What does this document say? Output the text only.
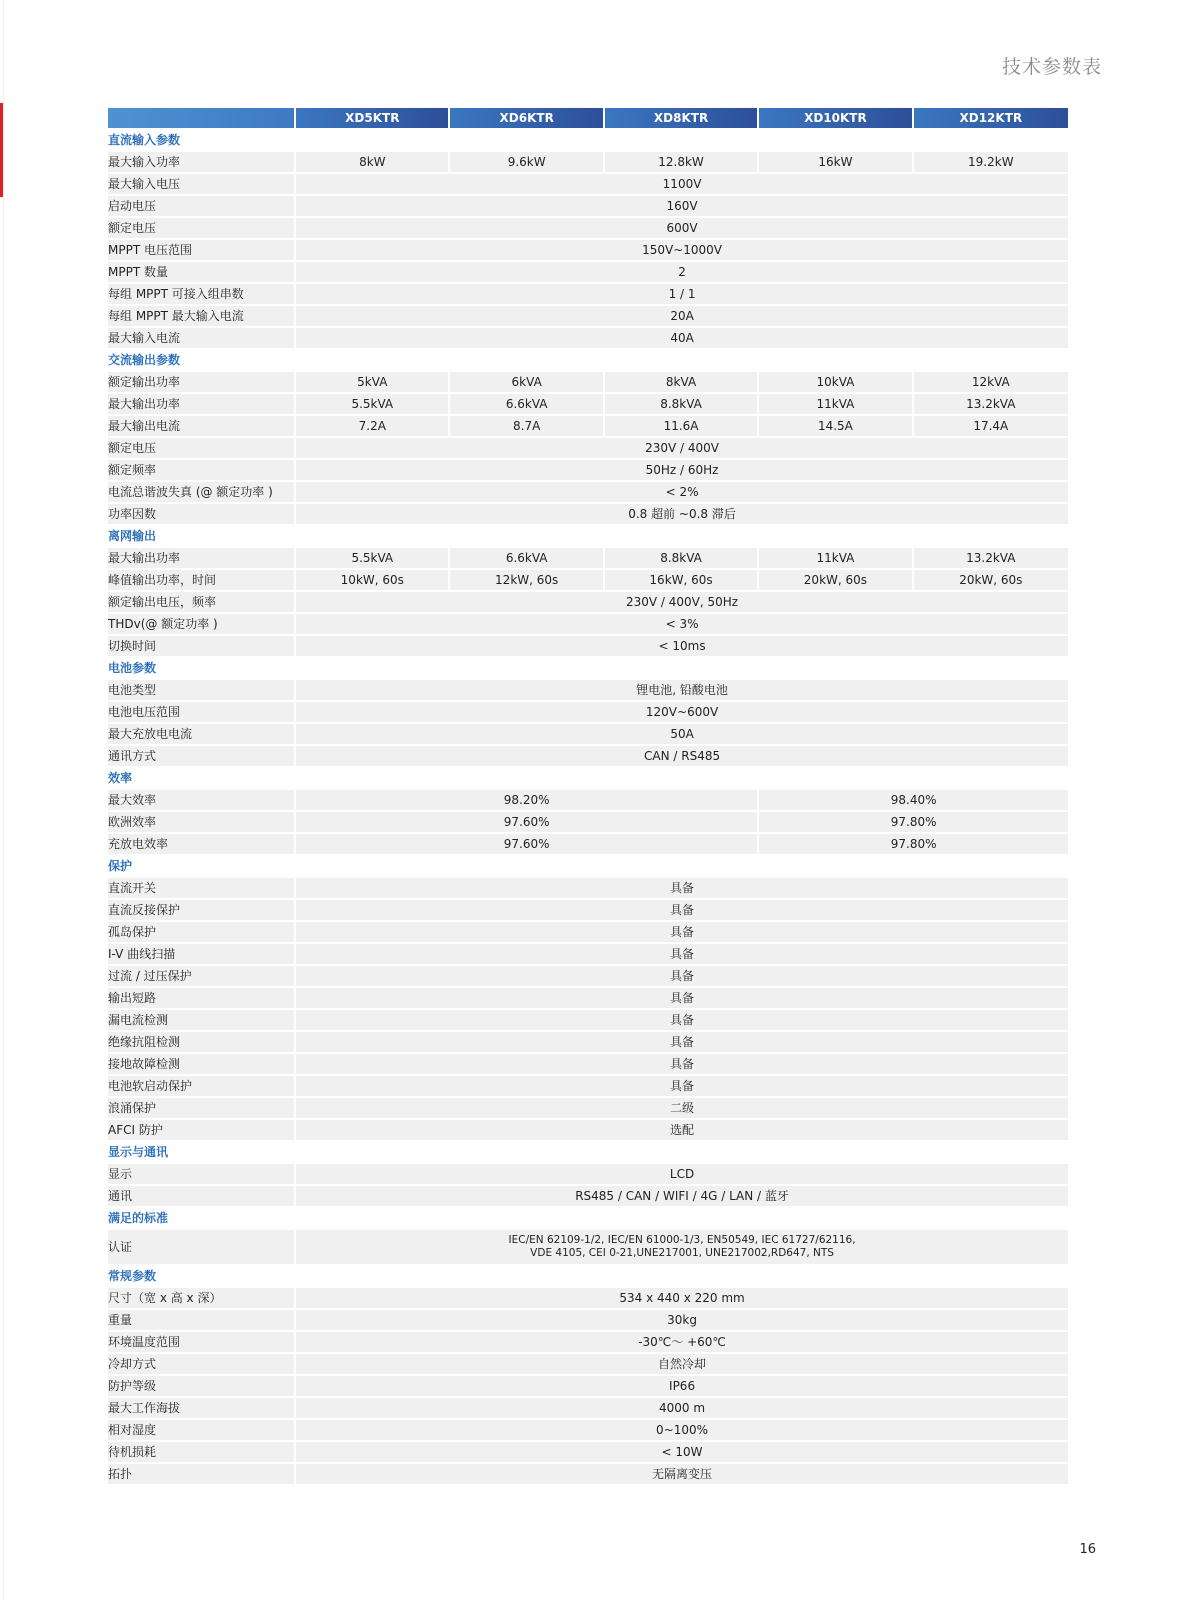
技术参数表
	XD5KTR	XD6KTR	XD8KTR	XD10KTR	XD12KTR
直流输入参数					
最大输入功率	8kW	9.6kW	12.8kW	16kW	19.2kW
最大输入电压	1100V				
启动电压	160V				
额定电压	600V				
MPPT 电压范围	150V~1000V				
MPPT 数量	2				
每组 MPPT 可接入组串数	1 / 1				
每组 MPPT 最大输入电流	20A				
最大输入电流	40A				
交流输出参数					
额定输出功率	5kVA	6kVA	8kVA	10kVA	12kVA
最大输出功率	5.5kVA	6.6kVA	8.8kVA	11kVA	13.2kVA
最大输出电流	7.2A	8.7A	11.6A	14.5A	17.4A
额定电压	230V / 400V				
额定频率	50Hz / 60Hz				
电流总谐波失真 (@ 额定功率 )	< 2%				
功率因数	0.8 超前 ~0.8 滞后				
离网输出					
最大输出功率	5.5kVA	6.6kVA	8.8kVA	11kVA	13.2kVA
峰值输出功率，时间	10kW, 60s	12kW, 60s	16kW, 60s	20kW, 60s	20kW, 60s
额定输出电压，频率	230V / 400V, 50Hz				
THDv(@ 额定功率 )	< 3%				
切换时间	< 10ms				
电池参数					
电池类型	锂电池, 铅酸电池				
电池电压范围	120V~600V				
最大充放电电流	50A				
通讯方式	CAN / RS485				
效率					
最大效率	98.20%			98.40%	
欧洲效率	97.60%			97.80%	
充放电效率	97.60%			97.80%	
保护					
直流开关	具备				
直流反接保护	具备				
孤岛保护	具备				
I-V 曲线扫描	具备				
过流 / 过压保护	具备				
输出短路	具备				
漏电流检测	具备				
绝缘抗阻检测	具备				
接地故障检测	具备				
电池软启动保护	具备				
浪涌保护	二级				
AFCI 防护	选配				
显示与通讯					
显示	LCD				
通讯	RS485 / CAN / WIFI / 4G / LAN / 蓝牙				
满足的标准					
认证	IEC/EN 62109-1/2, IEC/EN 61000-1/3, EN50549, IEC 61727/62116,
VDE 4105, CEI 0-21,UNE217001, UNE217002,RD647, NTS				

常规参数					
尺寸（宽 x 高 x 深）	534 x 440 x 220 mm				
重量	30kg				
环境温度范围	-30℃～ +60℃				
冷却方式	自然冷却				
防护等级	IP66				
最大工作海拔	4000 m				
相对湿度	0~100%				
待机损耗	< 10W				
拓扑	无隔离变压				
16
